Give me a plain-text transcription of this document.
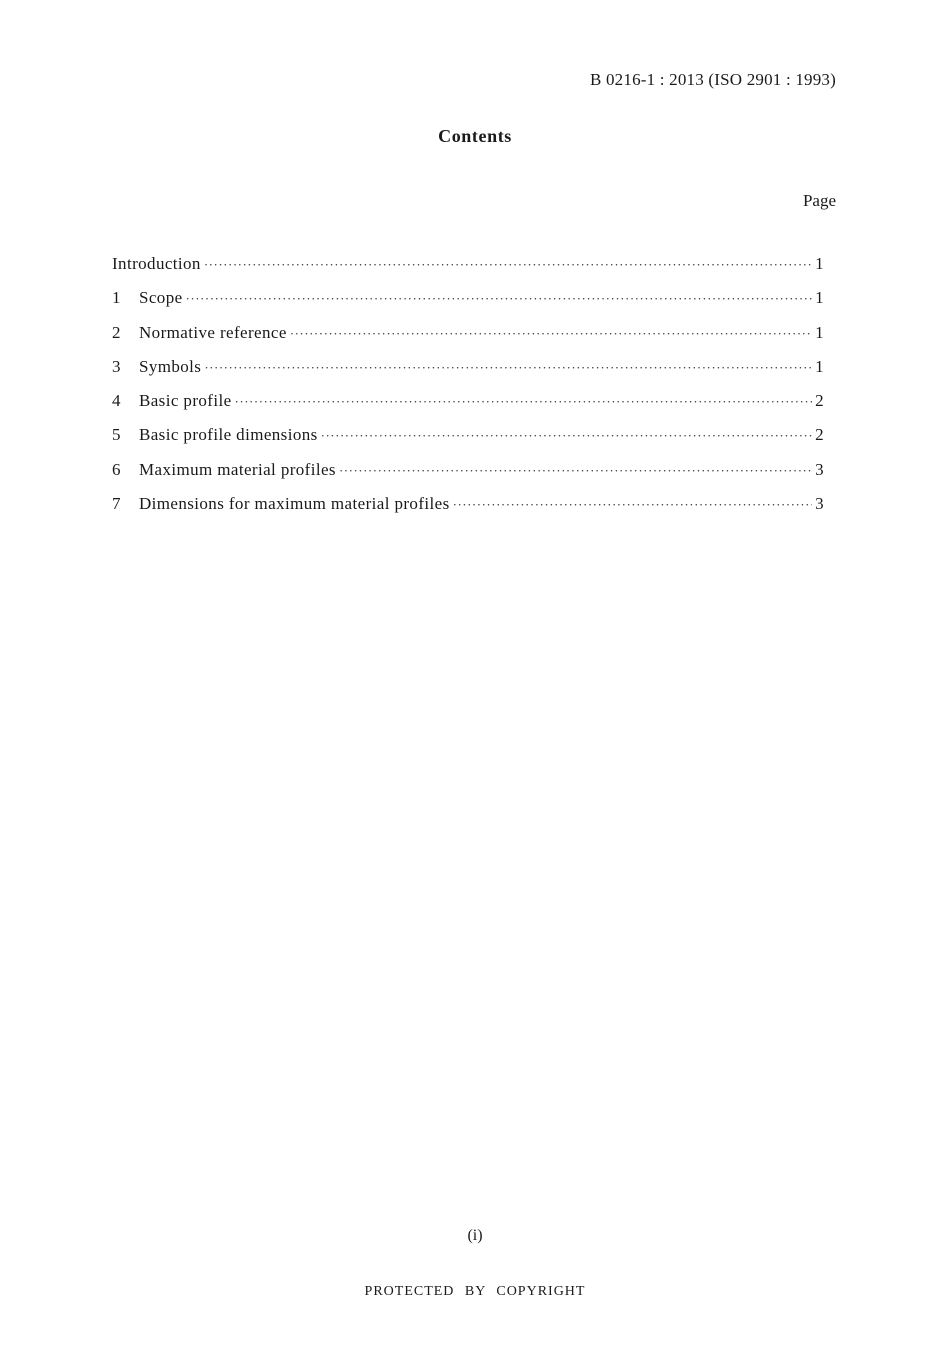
B 0216-1 : 2013 (ISO 2901 : 1993)
Contents
Page
Introduction ·····	1
1	Scope ·····	1
2	Normative reference ·····	1
3	Symbols ·····	1
4	Basic profile ·····	2
5	Basic profile dimensions ·····	2
6	Maximum material profiles ·····	3
7	Dimensions for maximum material profiles ·····	3
(i)
PROTECTED BY COPYRIGHT
